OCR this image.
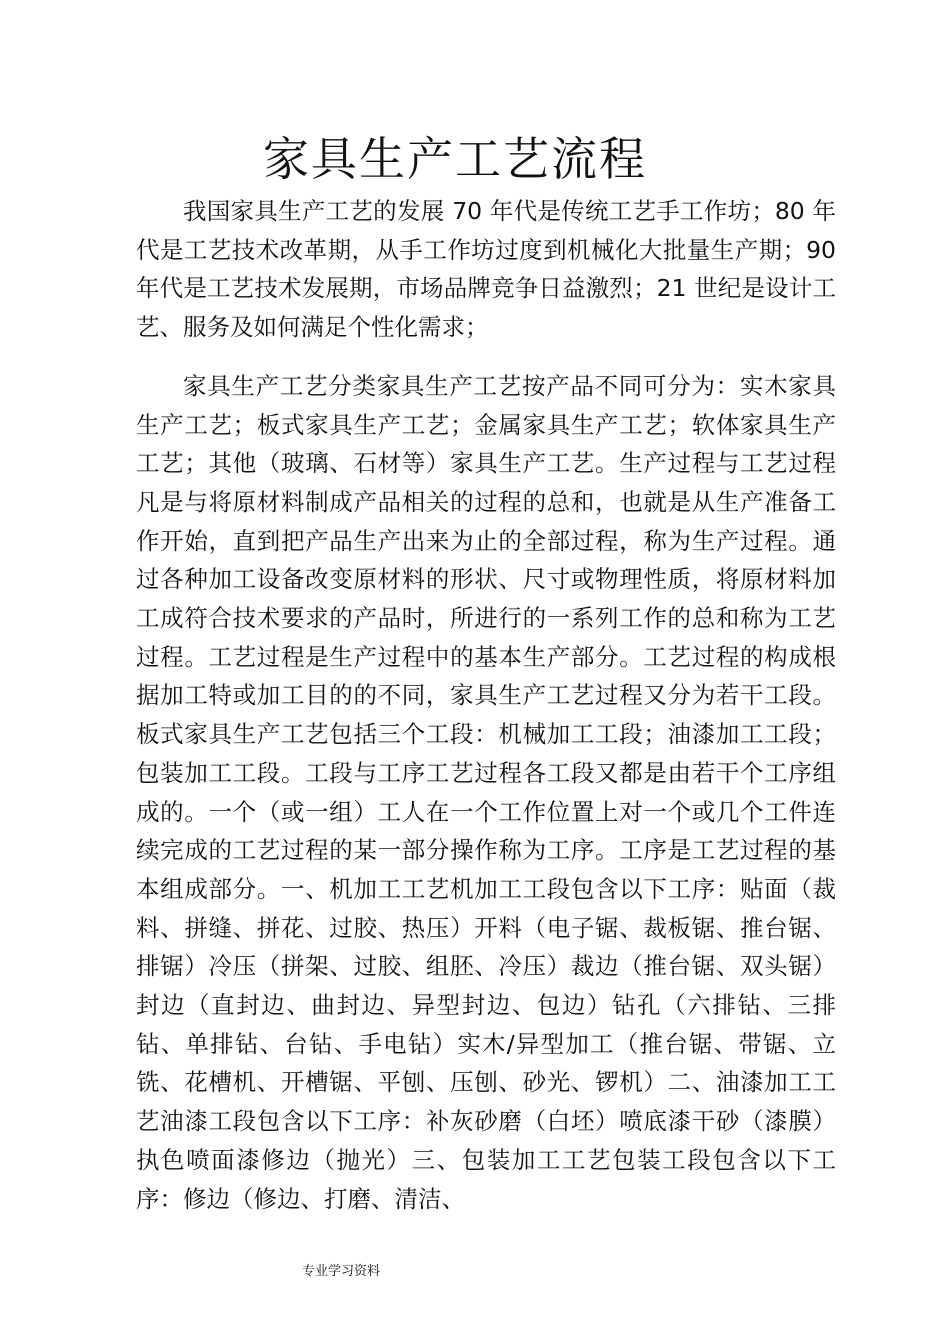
家具生产工艺流程

我国家具生产工艺的发展 70 年代是传统工艺手工作坊；80 年代是工艺技术改革期，从手工作坊过度到机械化大批量生产期；90 年代是工艺技术发展期，市场品牌竞争日益激烈；21 世纪是设计工艺、服务及如何满足个性化需求；

家具生产工艺分类家具生产工艺按产品不同可分为：实木家具生产工艺；板式家具生产工艺；金属家具生产工艺；软体家具生产工艺；其他（玻璃、石材等）家具生产工艺。生产过程与工艺过程凡是与将原材料制成产品相关的过程的总和，也就是从生产准备工作开始，直到把产品生产出来为止的全部过程，称为生产过程。通过各种加工设备改变原材料的形状、尺寸或物理性质，将原材料加工成符合技术要求的产品时，所进行的一系列工作的总和称为工艺过程。工艺过程是生产过程中的基本生产部分。工艺过程的构成根据加工特或加工目的的不同，家具生产工艺过程又分为若干工段。板式家具生产工艺包括三个工段：机械加工工段；油漆加工工段；包装加工工段。工段与工序工艺过程各工段又都是由若干个工序组成的。一个（或一组）工人在一个工作位置上对一个或几个工件连续完成的工艺过程的某一部分操作称为工序。工序是工艺过程的基本组成部分。一、机加工工艺机加工工段包含以下工序：贴面（裁料、拼缝、拼花、过胶、热压）开料（电子锯、裁板锯、推台锯、排锯）冷压（拼架、过胶、组胚、冷压）裁边（推台锯、双头锯）封边（直封边、曲封边、异型封边、包边）钻孔（六排钻、三排钻、单排钻、台钻、手电钻）实木/异型加工（推台锯、带锯、立铣、花槽机、开槽锯、平刨、压刨、砂光、锣机）二、油漆加工工艺油漆工段包含以下工序：补灰砂磨（白坯）喷底漆干砂（漆膜）执色喷面漆修边（抛光）三、包装加工工艺包装工段包含以下工序：修边（修边、打磨、清洁、

专业学习资料
